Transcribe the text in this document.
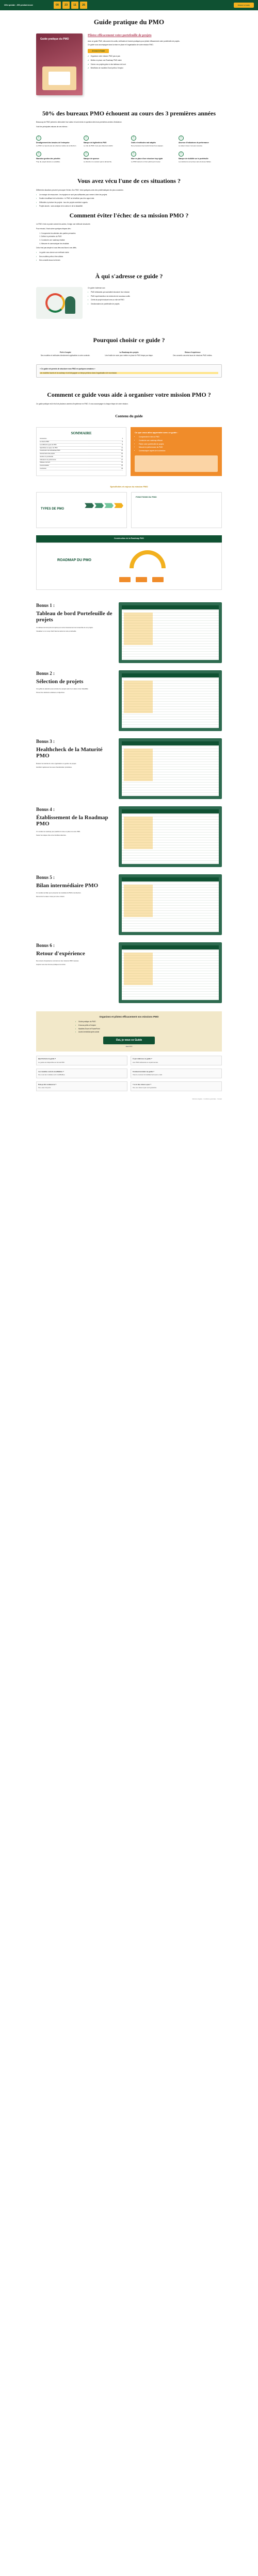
Offre spéciale : -50% pendant encore	00	23	11	26	Obtenir le Guide
Guide pratique du PMO
Guide pratique du PMO
Pilotez efficacement votre portefeuille de projets

Avec ce guide PMO, découvrez les outils, méthodes et bonnes pratiques pour piloter efficacement votre portefeuille de projets.

Ce guide vous accompagne dans la mise en place et l'organisation de votre mission PMO.

Je veux le Guide
✔ Organisez votre mission PMO pas à pas
✔ Mettez en place une Roadmap PMO claire
✔ Suivez vos projets grâce à des tableaux de bord
✔ Bénéficiez de modèles Excel prêts à l'emploi
50% des bureaux PMO échouent au cours des 3 premières années

Beaucoup de PMO peinent à démontrer leur valeur et sont remis en question dès leurs premières années d'existence.

Voici les principales raisons de ces échecs :

!
Désalignement des besoins de l'entreprise
Le PMO ne répond pas aux attentes réelles de la direction.
!
Manque de légitimité du PMO
Le rôle du PMO n'est pas clairement défini.
!
Outils et méthodes mal adaptés
Des processus trop lourds freinent les équipes.
!
Absence d'indicateurs de performance
La valeur créée n'est pas mesurée.
!
Mauvaise gestion des priorités
Trop de projets lancés en parallèle.
!
Manque de sponsor
La direction ne soutient pas la démarche.
!
Mise en place d'une structure trop rigide
Le PMO devient un frein plutôt qu'un levier.
!
Manque de visibilité sur le portefeuille
Les décisions sont prises sans données fiables.
Vous avez vécu l'une de ces situations ?

Différentes situations peuvent provoquer l'échec d'un PMO. Voici quelques-unes des problématiques les plus courantes :

• Le manque de ressources : les équipes ne sont pas suffisantes pour mener à bien les projets.
• Soutien insuffisant de la direction : le PMO ne bénéficie pas d'un appui clair.
• Difficultés à prioriser les projets : tous les projets semblent urgents.
• Projets lancés : sans analyse de la valeur ni de la faisabilité.
Comment éviter l'échec de sa mission PMO ?

Le PMO n'est un poste comme les autres, il exige une méthode structurée.

Pour réussir, il faut suivre quelques étapes clés :

1. Comprendre les attentes des parties prenantes
2. Définir le périmètre du PMO
3. Construire une roadmap réaliste
4. Mesurer et communiquer les résultats

Cela n'est pas simple si vous êtes seul face à ces défis.

• Le guide vous donne une méthode claire
• Des modèles prêts à être utilisés
• Des conseils issus du terrain
À qui s'adresse ce guide ?

Ce guide s'adresse aux :

• PMO débutants qui souhaitent structurer leur mission
• PMO expérimentés à la recherche de nouveaux outils
• Chefs de projet évoluant vers un rôle de PMO
• Gestionnaires de portefeuille de projets
Pourquoi choisir ce guide ?
Prêt à l'emploi
Des modèles et méthodes directement applicables à votre contexte.
La Roadmap des projets
Une feuille de route pour mettre en place le PMO étape par étape.
Retour d'expérience
Des conseils concrets issus de missions PMO réelles.
« Ce guide m'a permis de structurer mon PMO en quelques semaines »
Les modèles fournis et la roadmap m'ont fait gagner un temps précieux dans l'organisation de ma mission.
Comment ce guide vous aide à organiser votre mission PMO ?

Ce guide pratique est le fruit de plusieurs années d'expérience en PMO. Il vous accompagne à chaque étape de votre mission.

Contenu du guide
SOMMAIRE
Introduction	3
Le rôle du PMO	5
Les différents types de PMO	8
Spécificités et enjeux du PMO	11
Construction de la Roadmap PMO	15
Gouvernance des projets	19
Gestion du portefeuille	23
Indicateurs de performance	27
Tableaux de bord	31
Communication	35
Conclusion	39
Ce que vous allez apprendre avec ce guide :
• Comprendre le rôle du PMO
• Construire une roadmap efficace
• Piloter votre portefeuille de projets
• Mesurer la performance du PMO
• Communiquer auprès de la direction
Spécificités et enjeux du mission PMO
TYPES DE PMO
FONCTIONS DU PMO
Construction de la Roadmap PMO
ROADMAP DU PMO
Bonus 1 :
Tableau de bord Portefeuille de projets

Un tableau de bord prêt à l'emploi pour suivre l'avancement de l'ensemble de vos projets.

Visualisez en un coup d'œil l'état de santé de votre portefeuille.

Bonus 2 :
Sélection de projets

Une grille de sélection pour prioriser les projets selon leur valeur et leur faisabilité.

Prenez des décisions éclairées et objectives.

Bonus 3 :
Healthcheck de la Maturité PMO

Évaluez la maturité de votre organisation en gestion de projets.

Identifiez rapidement les axes d'amélioration prioritaires.

Bonus 4 :
Établissement de la Roadmap PMO

Un modèle de roadmap pour planifier la mise en place de votre PMO.

Suivez les étapes clés et les livrables attendus.

Bonus 5 :
Bilan intermédiaire PMO

Un modèle de bilan pour présenter les résultats du PMO à la direction.

Démontrez la valeur créée par votre mission.

Bonus 6 :
Retour d'expérience

Des retours d'expérience concrets sur des missions PMO réussies.

Inspirez-vous des bonnes pratiques du terrain.

Organisez et pilotez efficacement vos missions PMO
• Guide pratique du PMO
• 6 bonus prêts à l'emploi
• Modèles Excel et PowerPoint
• Accès immédiat après achat
Oui, je veux ce Guide
79 € 39 €
Quel format a le guide ?
Le guide est disponible au format PDF.
À qui s'adresse ce guide ?
Aux PMO débutants et expérimentés.
Les modèles sont-ils modifiables ?
Oui, tous les modèles sont modifiables.
Comment accéder au guide ?
Vous le recevez immédiatement par e-mail.
Puis-je être remboursé ?
Oui, sous 14 jours.
Y a-t-il des mises à jour ?
Oui, les mises à jour sont gratuites.
Mentions légales · Conditions générales · Contact
